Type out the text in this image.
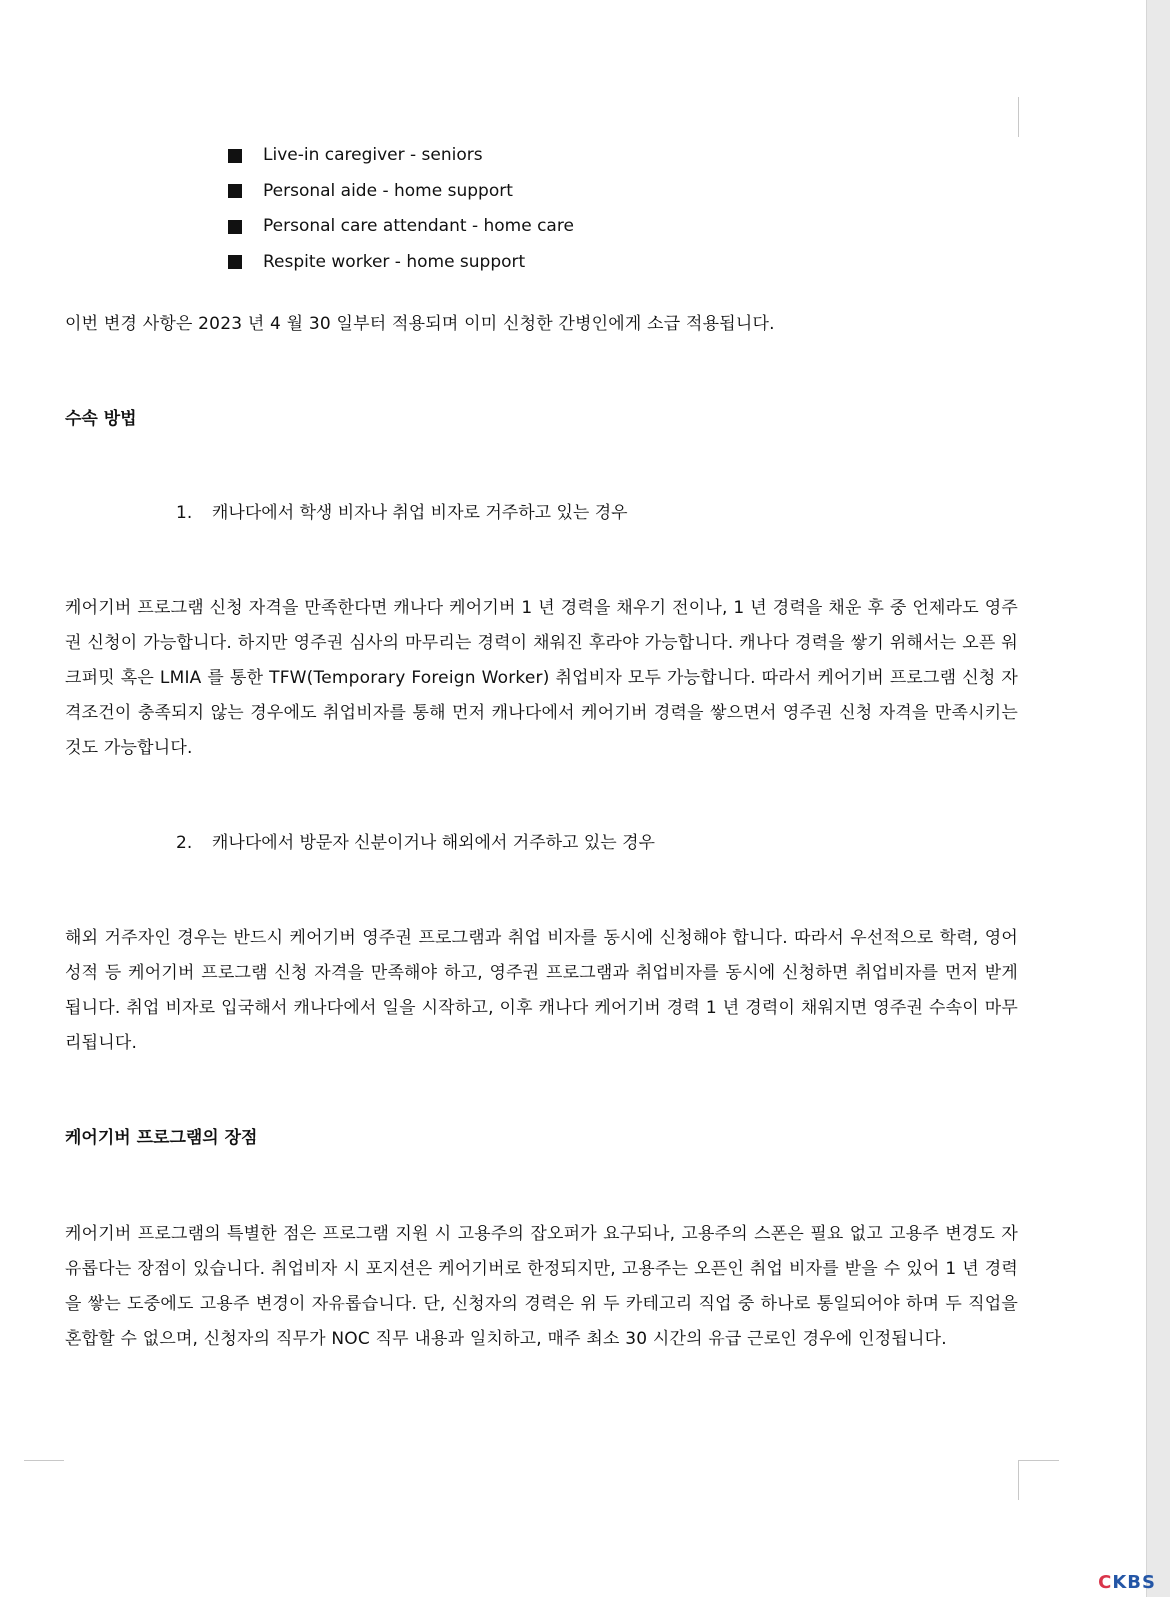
Live-in caregiver - seniors
Personal aide - home support
Personal care attendant - home care
Respite worker - home support

이번 변경 사항은 2023 년 4 월 30 일부터 적용되며 이미 신청한 간병인에게 소급 적용됩니다.

수속 방법

1.	캐나다에서 학생 비자나 취업 비자로 거주하고 있는 경우

케어기버 프로그램 신청 자격을 만족한다면 캐나다 케어기버 1 년 경력을 채우기 전이나, 1 년 경력을 채운 후 중 언제라도 영주권 신청이 가능합니다. 하지만 영주권 심사의 마무리는 경력이 채워진 후라야 가능합니다. 캐나다 경력을 쌓기 위해서는 오픈 워크퍼밋 혹은 LMIA 를 통한 TFW(Temporary Foreign Worker) 취업비자 모두 가능합니다. 따라서 케어기버 프로그램 신청 자격조건이 충족되지 않는 경우에도 취업비자를 통해 먼저 캐나다에서 케어기버 경력을 쌓으면서 영주권 신청 자격을 만족시키는 것도 가능합니다.

2.	캐나다에서 방문자 신분이거나 해외에서 거주하고 있는 경우

해외 거주자인 경우는 반드시 케어기버 영주권 프로그램과 취업 비자를 동시에 신청해야 합니다. 따라서 우선적으로 학력, 영어 성적 등 케어기버 프로그램 신청 자격을 만족해야 하고, 영주권 프로그램과 취업비자를 동시에 신청하면 취업비자를 먼저 받게 됩니다. 취업 비자로 입국해서 캐나다에서 일을 시작하고, 이후 캐나다 케어기버 경력 1 년 경력이 채워지면 영주권 수속이 마무리됩니다.

케어기버 프로그램의 장점

케어기버 프로그램의 특별한 점은 프로그램 지원 시 고용주의 잡오퍼가 요구되나, 고용주의 스폰은 필요 없고 고용주 변경도 자유롭다는 장점이 있습니다. 취업비자 시 포지션은 케어기버로 한정되지만, 고용주는 오픈인 취업 비자를 받을 수 있어 1 년 경력을 쌓는 도중에도 고용주 변경이 자유롭습니다. 단, 신청자의 경력은 위 두 카테고리 직업 중 하나로 통일되어야 하며 두 직업을 혼합할 수 없으며, 신청자의 직무가 NOC 직무 내용과 일치하고, 매주 최소 30 시간의 유급 근로인 경우에 인정됩니다.

CKBS
